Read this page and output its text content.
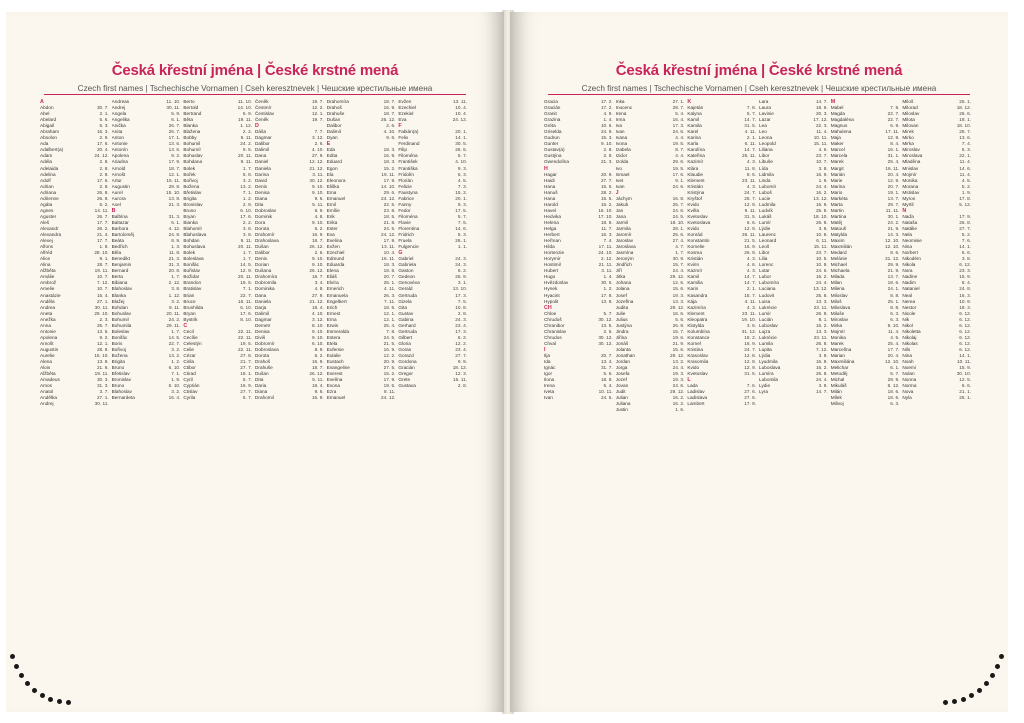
Česká křestní jména | České krstné mená
Czech first names | Tschechische Vornamen | Cseh keresztnevek | Чешские крестильные имена
A
Abdon	30. 7.
Abel	2. 1.
Abelard	5. 6.
Abigail	5. 3.
Abraham	16. 3.
Absolon	2. 9.
Ada	17. 6.
Adalbert(a)	20. 4.
Adam	24. 12.
Adéla	2. 8.
Adelaida	2. 8.
Adelina	2. 8.
Adolf	17. 6.
Adrian	2. 8.
Adriana	26. 8.
Adrienne	26. 8.
Agáta	5. 2.
Agnes	14. 11.
Aguster	26. 7.
Aleš	17. 7.
Alexandr	26. 2.
Alexandra	21. 4.
Alexej	17. 7.
Alfons	1. 8.
Alfréd	28. 10.
Alice	9. 1.
Alina	28. 7.
Alžběta	19. 11.
Amálie	10. 7.
Ambrož	7. 12.
Amelie	10. 7.
Anastázie	15. 4.
Anděla	27. 1.
Andrea	30. 11.
Aneta	29. 10.
Anežka	2. 3.
Anna	26. 7.
Antonie	13. 6.
Apolena	9. 2.
Arnošt	12. 1.
Augustin	28. 8.
Aurelie	15. 10.
Alena	13. 8.
Alois	21. 6.
Alžběta	19. 11.
Amadeus	30. 3.
Amos	31. 3.
Anatol	3. 7.
Andělka	27. 1.
Andrej	30. 11.
Andreas	11. 10.
Andrej	30. 11.
Angela	5. 9.
Angelika	6. 1.
Anička	26. 7.
Anita	26. 7.
Anton	17. 1.
Antonie	13. 6.
Antonín	13. 6.
Apolenа	9. 2.
Ariadna	17. 9.
Arnold	18. 7.
Arnošt	12. 1.
Artur	15. 11.
Augustin	28. 8.
Aurel	15. 10.
Aurora	13. 8.
Axel	21. 3.
B
Balbína	31. 3.
Baltazar	6. 1.
Barbora	4. 12.
Bartoloměj	24. 8.
Beáta	8. 9.
Bedřich	1. 3.
Běla	11. 8.
Benedikt	21. 3.
Benjamin	31. 3.
Bernard	20. 8.
Berta	1. 7.
Bibiana	2. 12.
Blahoslav	3. 8.
Blanka	1. 12.
Blažej	3. 2.
Bohdan	9. 11.
Bohuslav	20. 11.
Bohumil	24. 2.
Bohumila	29. 11.
Boleslav	1. 7.
Bonifác	14. 5.
Boris	22. 7.
Bořivoj	3. 2.
Božena	13. 2.
Brigita	1. 2.
Bruno	6. 10.
Břetislav	7. 1.
Bronislav	1. 9.
Bruno	6. 10.
Blahoslav	3. 2.
Bernardeta	16. 4.
Berto	11. 10.
Bertold	14. 10.
Bertrand	6. 9.
Běta	19. 11.
Blanka	1. 12.
Blažena	2. 2.
Bobby	9. 11.
Bohumil	24. 2.
Bohumír	9. 5.
Bohuslav	20. 11.
Bohdana	9. 11.
Bolek	1. 7.
Bořek	5. 8.
Bořivoj	3. 2.
Božena	13. 2.
Břetislav	7. 1.
Brigita	1. 2.
Bronislav	2. 9.
Bruno	6. 10.
Bryan	17. 6.
Bianka	2. 2.
Blahomír	3. 8.
Blahoslava	3. 8.
Bohdan	9. 11.
Bohuslava	20. 11.
Bolek	1. 7.
Boleslava	1. 7.
Bonifác	14. 5.
Bořislav	12. 9.
Božidar	20. 11.
Brandon	16. 5.
Bratislav	7. 1.
Brian	22. 7.
Bruce	16. 11.
Brunhilda	6. 10.
Bryan	17. 6.
Bystrik	8. 10.
C
Cecil	22. 11.
Cecílie	22. 11.
Celestýn	19. 5.
Celie	22. 11.
Cézar	27. 8.
Cirila	21. 7.
Ctibor	27. 7.
Ctirad	18. 1.
Cyril	5. 7.
Cyprián	16. 9.
Ctislav	27. 7.
Cyrila	5. 7.
Čeněk	19. 7.
Čestmír	12. 2.
Čestislav	12. 1.
Čeněk	19. 7.
D
Dáša	7. 7.
Dagmar	3. 12.
Dalibor	2. 6.
Dalimil	4. 10.
Dana	27. 9.
Daniel	12. 12.
Daniela	21. 12.
Darina	3. 11.
David	30. 12.
Denis	9. 10.
Denisa	9. 10.
Diana	9. 6.
Dita	5. 11.
Dobroslav	8. 9.
Dominik	4. 8.
Dora	9. 10.
Dorota	6. 2.
Drahomír	16. 9.
Drahoslava	18. 7.
Dušan	26. 12.
Dalibor	2. 6.
Denis	9. 10.
Dorian	9. 10.
Dušana	26. 12.
Drahomíra	18. 7.
Dobromila	3. 4.
Dominika	4. 8.
Dana	27. 9.
Daniela	21. 12.
Darja	18. 4.
Dalimil	4. 10.
Dagmar	3. 12.
Demetr	8. 10.
Denisa	9. 10.
Diviš	9. 10.
Dobromír	6. 10.
Dobroslava	8. 9.
Dorota	6. 2.
Drahoš	16. 9.
Drahuše	18. 7.
Dušan	26. 12.
Dita	5. 11.
Daria	18. 4.
Diana	9. 6.
Drahomil	16. 9.
Drahomíra	18. 7.
Drahoš	16. 9.
Drahuše	18. 7.
Dušan	26. 12.
Dalibor	2. 6.
Dalimil	4. 10.
Dyan	9. 6.
E
Eda	18. 3.
Edita	16. 9.
Eduard	18. 3.
Egon	15. 2.
Ela	19. 11.
Eleonora	17. 9.
Eliška	14. 10.
Ema	29. 6.
Emanuel	24. 12.
Emil	22. 5.
Emílie	23. 8.
Erik	18. 5.
Erika	21. 8.
Ester	24. 5.
Eva	24. 12.
Evelina	17. 9.
Evžen	13. 11.
Ezechiel	10. 4.
Edmund	16. 11.
Eduarda	18. 3.
Elena	18. 8.
Eliáš	20. 7.
Elvíra	25. 1.
Emerich	4. 11.
Emanuela	26. 3.
Engelbert	7. 11.
Erich	18. 5.
Ernest	12. 1.
Erna	12. 1.
Erwin	25. 4.
Esmeralda	7. 8.
Estera	24. 5.
Etela	21. 5.
Eufemie	16. 9.
Eulalie	12. 2.
Eustach	20. 9.
Evangeline	27. 5.
Everest	15. 2.
Evelína	17. 9.
Evona	19. 5.
Ezra	8. 11.
Emanuel	24. 12.
Evžen	13. 11.
Ezechiel	10. 4.
Ezekiel	10. 4.
Eva	24. 12.
F
Fabián(a)	20. 1.
Felix	14. 1.
Ferdinand	30. 5.
Filip	26. 5.
Filoména	5. 7.
František	4. 10.
Františka	9. 3.
Fridolín	6. 3.
Florián	4. 5.
Felicie	7. 3.
Faustyna	15. 2.
Fabrice	20. 1.
Fanny	9. 3.
Fedor	17. 5.
Filoména	5. 7.
Flavie	7. 5.
Florentina	14. 6.
Fridrich	5. 3.
Fruela	26. 1.
Fulgencie	1. 1.
G
Gabriel	24. 3.
Gabriela	24. 3.
Gaston	6. 2.
Gedeon	26. 9.
Genovéva	3. 1.
Gerald	13. 10.
Gertruda	17. 3.
Gizela	7. 5.
Gita	10. 8.
Gustav	2. 8.
Gabina	24. 3.
Gerhard	23. 4.
Gertruda	17. 3.
Gilbert	6. 2.
Gloria	12. 2.
Goran	23. 4.
Gorazd	27. 7.
Gordona	9. 9.
Gracián	18. 12.
Gregor	12. 3.
Grete	16. 11.
Gustava	2. 8.
Česká křestní jména | České krstné mená
Czech first names | Tschechische Vornamen | Cseh keresztnevek | Чешские крестильные имена
Gracia	17. 2.
Gracián	17. 2.
Granit	4. 9.
Grazina	1. 4.
Gréta	10. 6.
Griselda	24. 9.
Gudrun	15. 3.
Gunter	9. 10.
Gustav(a)	2. 8.
Gustýna	2. 8.
Gwendolína	21. 3.
H
Hagar	20. 9.
Haidi	27. 7.
Hana	15. 5.
Hanuš	28. 2.
Hana	15. 5.
Harold	15. 2.
Havel	16. 10.
Hedvika	17. 10.
Helena	18. 8.
Helga	11. 7.
Herbert	16. 3.
Heřman	7. 4.
Hilda	17. 11.
Hortenzie	24. 10.
Horymír	2. 12.
Hostimil	21. 11.
Hubert	3. 11.
Hugo	1. 4.
Hvězdoslav	30. 5.
Hynek	1. 2.
Hyacint	17. 8.
Hypolit	13. 8.
CH
Chloe	5. 7.
Chrudoš	30. 12.
Chranibor	13. 5.
Chranislav	2. 6.
Chrudos	30. 12.
Chval	30. 12.
I
Ilja	20. 7.
Ida	13. 4.
Ignác	31. 7.
Igor	5. 6.
Ilona	18. 8.
Irena	5. 4.
Iveta	10. 11.
Ivan	24. 6.
Inka	27. 1.
Inocenc	28. 7.
Irena	5. 4.
Irma	16. 4.
Iva	17. 3.
Ivan	24. 6.
Ivana	4. 4.
Ivona	19. 5.
Izabela	8. 7.
Izidor	4. 4.
Izolda	29. 6.
Ivo	19. 5.
Ismael	17. 6.
Ivet	9. 1.
Ivan	24. 6.
J
Jáchym	16. 8.
Jakub	25. 7.
Jan	24. 6.
Jana	24. 5.
Jarmil	18. 10.
Jarmila	28. 1.
Jaromír	25. 6.
Jaroslav	27. 4.
Jaroslava	4. 7.
Jasmína	1. 7.
Jeroným	30. 9.
Jindřich	15. 7.
Jiří	24. 4.
Jitka	29. 12.
Johana	12. 6.
Jolana	15. 6.
Josef	19. 3.
Jozefína	13. 3.
Judita	29. 12.
Julie	16. 6.
Julius	5. 6.
Justýna	26. 9.
Jindra	15. 7.
Jiřina	19. 6.
Jonáš	21. 9.
Jolanta	15. 6.
Jonathan	29. 12.
Jordan	13. 2.
Jorga	24. 4.
Josefa	19. 3.
Jozef	19. 3.
Jovan	24. 6.
Judit	29. 12.
Julian	16. 2.
Juliana	16. 2.
Justin	1. 6.
K
Kajetán	7. 8.
Kalyna	5. 7.
Kamil	14. 7.
Kamila	31. 5.
Karel	4. 11.
Karina	2. 1.
Karla	6. 11.
Karolína	14. 7.
Kateřina	25. 11.
Kazimír	4. 3.
Klára	11. 8.
Klaudie	8. 5.
Klement	23. 11.
Kristián	4. 3.
Kristýna	24. 7.
Kryštof	25. 7.
Kvido	12. 9.
Kvěla	9. 11.
Kvetoslav	31. 5.
Kvetoslava	6. 6.
Kvido	12. 9.
Konrád	26. 11.
Konstantin	21. 5.
Kornelie	16. 9.
Kosma	26. 9.
Kristián	4. 3.
Kvirin	4. 6.
Kazmír	4. 3.
Kamil	14. 7.
Kamilia	14. 7.
Karin	2. 1.
Kasandra	15. 7.
Kája	4. 11.
Kazimíra	4. 3.
Klement	23. 11.
Kleopatra	19. 10.
Klotylda	3. 6.
Kolumbína	31. 12.
Konstance	18. 2.
Kornel	16. 9.
Kristina	24. 7.
Krasoslav	12. 8.
Krasomila	12. 8.
Kvido	12. 9.
Kvetoslav	31. 5.
L
Lada	7. 6.
Ladislav	27. 6.
Ladislava	27. 6.
Lambert	17. 9.
Lara	14. 7.
Laura	18. 6.
Lavinie	20. 3.
Lazar	17. 12.
Lea	22. 3.
Leo	11. 4.
Leona	10. 11.
Leopold	15. 11.
Liliana	4. 6.
Libor	23. 7.
Libuše	10. 7.
Lída	3. 8.
Lidmila	16. 9.
Linda	1. 9.
Lubomír	24. 4.
Luboš	16. 2.
Lucie	13. 12.
Ludmila	16. 9.
Ludvík	25. 8.
Lukáš	18. 10.
Lumír	26. 8.
Lýdie	3. 8.
Laurenc	10. 8.
Leonard	6. 11.
Leoš	15. 11.
Libor	23. 7.
Lilia	10. 5.
Lorenc	10. 8.
Lotar	24. 6.
Lubor	16. 2.
Lubomíra	24. 4.
Luciana	13. 12.
Ludovit	25. 8.
Luisa	13. 3.
Lukrécie	23. 11.
Lumír	26. 8.
Lucián	8. 1.
Luboslav	16. 2.
Lujza	13. 3.
Lukrécie	23. 11.
Lumila	26. 8.
Lupita	7. 12.
Lýdia	3. 8.
Lyudmila	16. 9.
Luboslava	16. 2.
Lumíra	26. 8.
Lubomila	24. 4.
Lydie	3. 8.
Lyra	14. 7.
M
Mabel	7. 9.
Magda	22. 7.
Magdaléna	22. 7.
Magnus	6. 9.
Mahulena	17. 11.
Maja	12. 9.
Maker	8. 4.
Marcel	16. 1.
Marcela	31. 1.
Marek	25. 4.
Margit	16. 11.
Marián	20. 4.
Marie	12. 9.
Marina	20. 7.
Mario	19. 1.
Markéta	13. 7.
Marta	29. 7.
Martin	11. 11.
Martina	30. 1.
Matěj	24. 2.
Matouš	21. 9.
Matylda	14. 3.
Maxim	12. 10.
Maxmilián	12. 10.
Medard	8. 6.
Melánie	31. 12.
Michael	29. 9.
Michaela	21. 9.
Milada	13. 7.
Milan	18. 6.
Milena	24. 1.
Miloslav	8. 8.
Miloš	25. 1.
Miloslava	8. 8.
Miluše	6. 3.
Miroslav	6. 3.
Mirka	9. 10.
Mojmír	11. 4.
Monika	4. 5.
Marek	25. 4.
Marcelína	17. 7.
Marian	20. 4.
Maxmiliána	12. 10.
Melichar	6. 1.
Metoděj	5. 7.
Michal	29. 9.
Mikuláš	6. 12.
Milán	18. 6.
Mílek	18. 6.
Milivoj	6. 3.
Miloš	25. 1.
Milorad	18. 12.
Miloslav	26. 6.
Milota	18. 1.
Milovan	18. 10.
Mirek	25. 7.
Mirko	13. 6.
Mirka	7. 4.
Miroslav	6. 3.
Miroslava	22. 1.
Mladěna	11. 4.
Mnislav	14. 6.
Mojmír	11. 4.
Monika	4. 5.
Morana	5. 2.
Mstislav	1. 9.
Myron	17. 8.
Myrtil	5. 12.
N
Naďa	17. 9.
Nataša	26. 8.
Natálie	27. 7.
Nela	5. 2.
Neomisie	7. 6.
Nina	14. 1.
Norbert	6. 6.
Nikodém	3. 8.
Nikola	6. 12.
Nora	23. 3.
Nadine	15. 9.
Nadim	8. 4.
Nataniel	24. 8.
Neal	16. 3.
Nerea	10. 9.
Nestor	18. 3.
Nicole	6. 12.
Nik	6. 12.
Nikol	6. 12.
Nikoletta	6. 12.
Nikolaj	6. 12.
Nikolas	6. 12.
Nils	6. 12.
Nina	14. 1.
Noah	10. 11.
Noemi	15. 9.
Nolan	30. 10.
Nonna	12. 5.
Norma	6. 6.
Nova	21. 1.
Nyla	25. 1.
